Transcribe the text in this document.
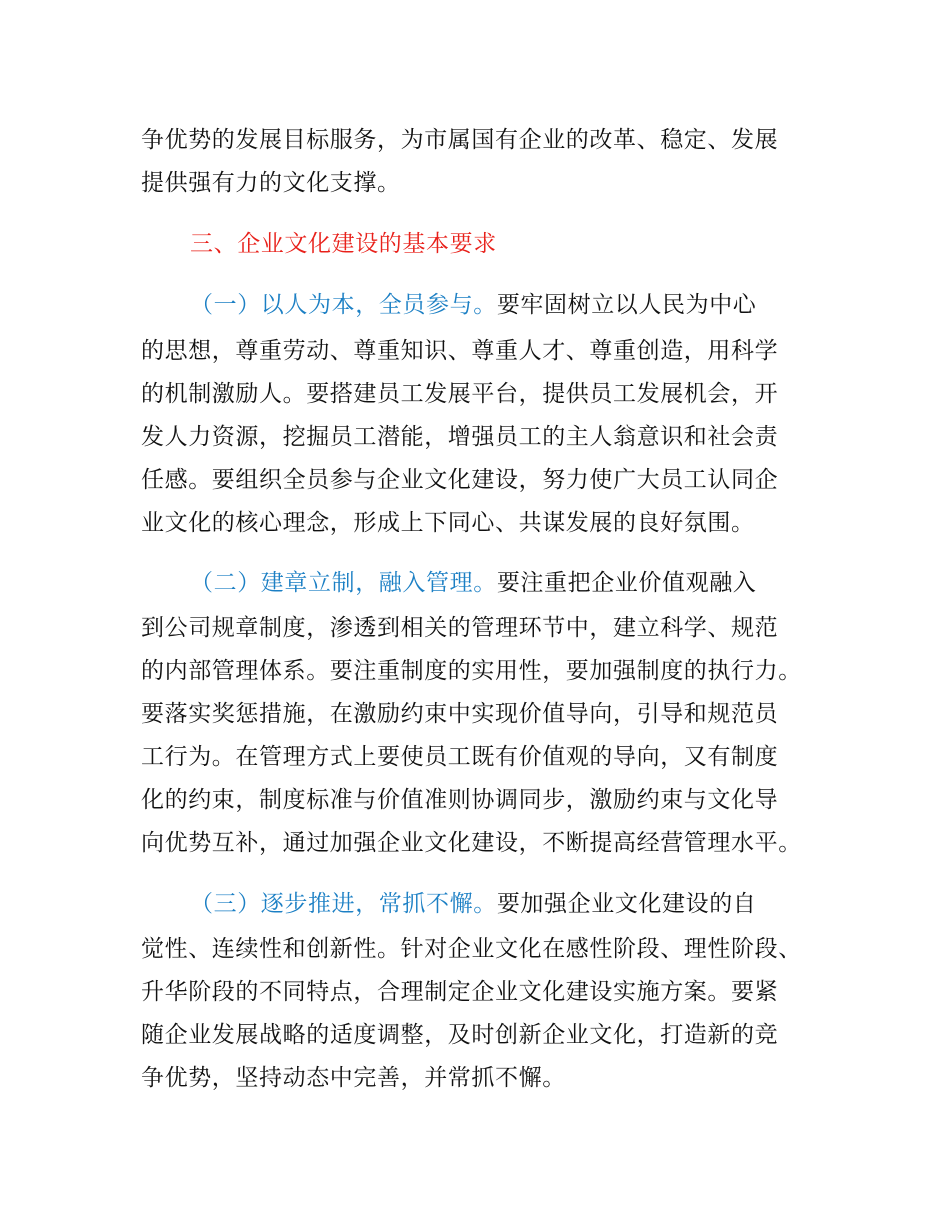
争优势的发展目标服务，为市属国有企业的改革、稳定、发展
提供强有力的文化支撑。
三、企业文化建设的基本要求
（一）以人为本，全员参与。要牢固树立以人民为中心
的思想，尊重劳动、尊重知识、尊重人才、尊重创造，用科学
的机制激励人。要搭建员工发展平台，提供员工发展机会，开
发人力资源，挖掘员工潜能，增强员工的主人翁意识和社会责
任感。要组织全员参与企业文化建设，努力使广大员工认同企
业文化的核心理念，形成上下同心、共谋发展的良好氛围。
（二）建章立制，融入管理。要注重把企业价值观融入
到公司规章制度，渗透到相关的管理环节中，建立科学、规范
的内部管理体系。要注重制度的实用性，要加强制度的执行力。
要落实奖惩措施，在激励约束中实现价值导向，引导和规范员
工行为。在管理方式上要使员工既有价值观的导向，又有制度
化的约束，制度标准与价值准则协调同步，激励约束与文化导
向优势互补，通过加强企业文化建设，不断提高经营管理水平。
（三）逐步推进，常抓不懈。要加强企业文化建设的自
觉性、连续性和创新性。针对企业文化在感性阶段、理性阶段、
升华阶段的不同特点，合理制定企业文化建设实施方案。要紧
随企业发展战略的适度调整，及时创新企业文化，打造新的竞
争优势，坚持动态中完善，并常抓不懈。
